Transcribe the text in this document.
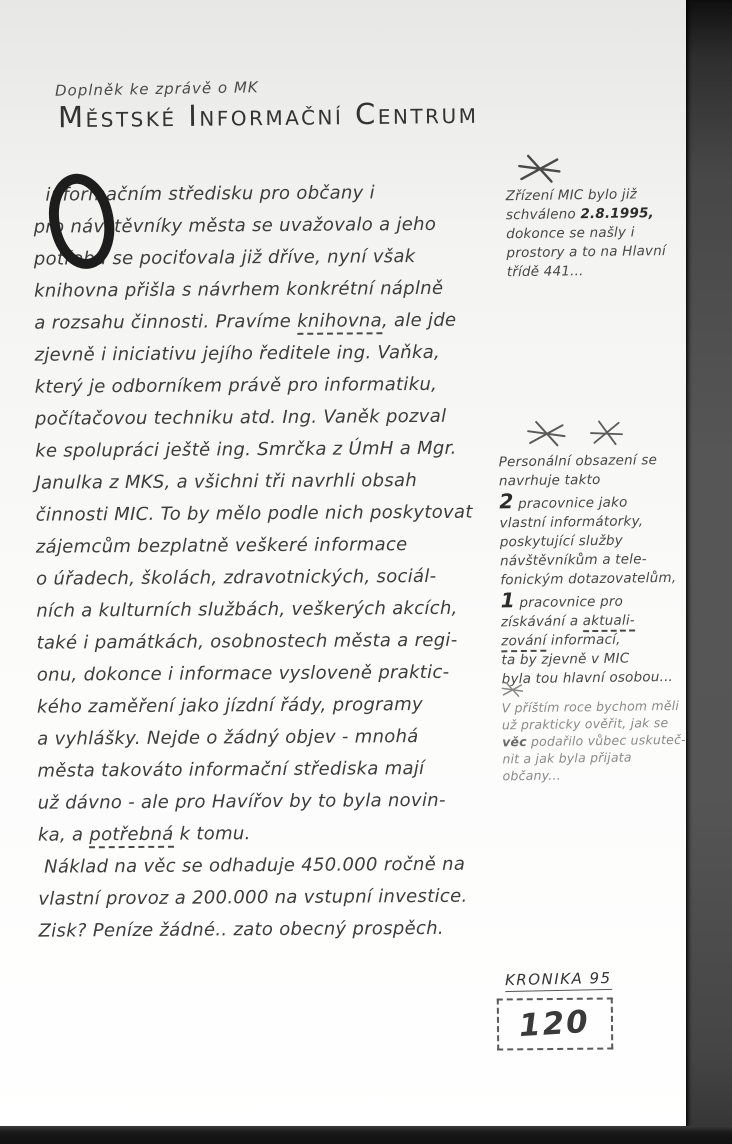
Doplněk ke zprávě o MK
Městské Informační Centrum
informačním středisku pro občany i
pro návštěvníky města se uvažovalo a jeho
potřeba se pociťovala již dříve, nyní však
knihovna přišla s návrhem konkrétní náplně
a rozsahu činnosti. Pravíme knihovna, ale jde
zjevně i iniciativu jejího ředitele ing. Vaňka,
který je odborníkem právě pro informatiku,
počítačovou techniku atd. Ing. Vaněk pozval
ke spolupráci ještě ing. Smrčka z ÚmH a Mgr.
Janulka z MKS, a všichni tři navrhli obsah
činnosti MIC. To by mělo podle nich poskytovat
zájemcům bezplatně veškeré informace
o úřadech, školách, zdravotnických, sociál-
ních a kulturních službách, veškerých akcích,
také i památkách, osobnostech města a regi-
onu, dokonce i informace vysloveně praktic-
kého zaměření jako jízdní řády, programy
a vyhlášky. Nejde o žádný objev - mnohá
města takováto informační střediska mají
už dávno - ale pro Havířov by to byla novin-
ka, a potřebná k tomu.
Náklad na věc se odhaduje 450.000 ročně na
vlastní provoz a 200.000 na vstupní investice.
Zisk? Peníze žádné.. zato obecný prospěch.
Zřízení MIC bylo již
schváleno 2.8.1995,
dokonce se našly i
prostory a to na Hlavní
třídě 441...

Personální obsazení se
navrhuje takto
2 pracovnice jako
vlastní informátorky,
poskytující služby
návštěvníkům a tele-
fonickým dotazovatelům,
1 pracovnice pro
získávání a aktuali-
zování informací,
ta by zjevně v MIC
byla tou hlavní osobou...
V příštím roce bychom měli
už prakticky ověřit, jak se
věc podařilo vůbec uskuteč-
nit a jak byla přijata
občany...
KRONIKA 95
120
